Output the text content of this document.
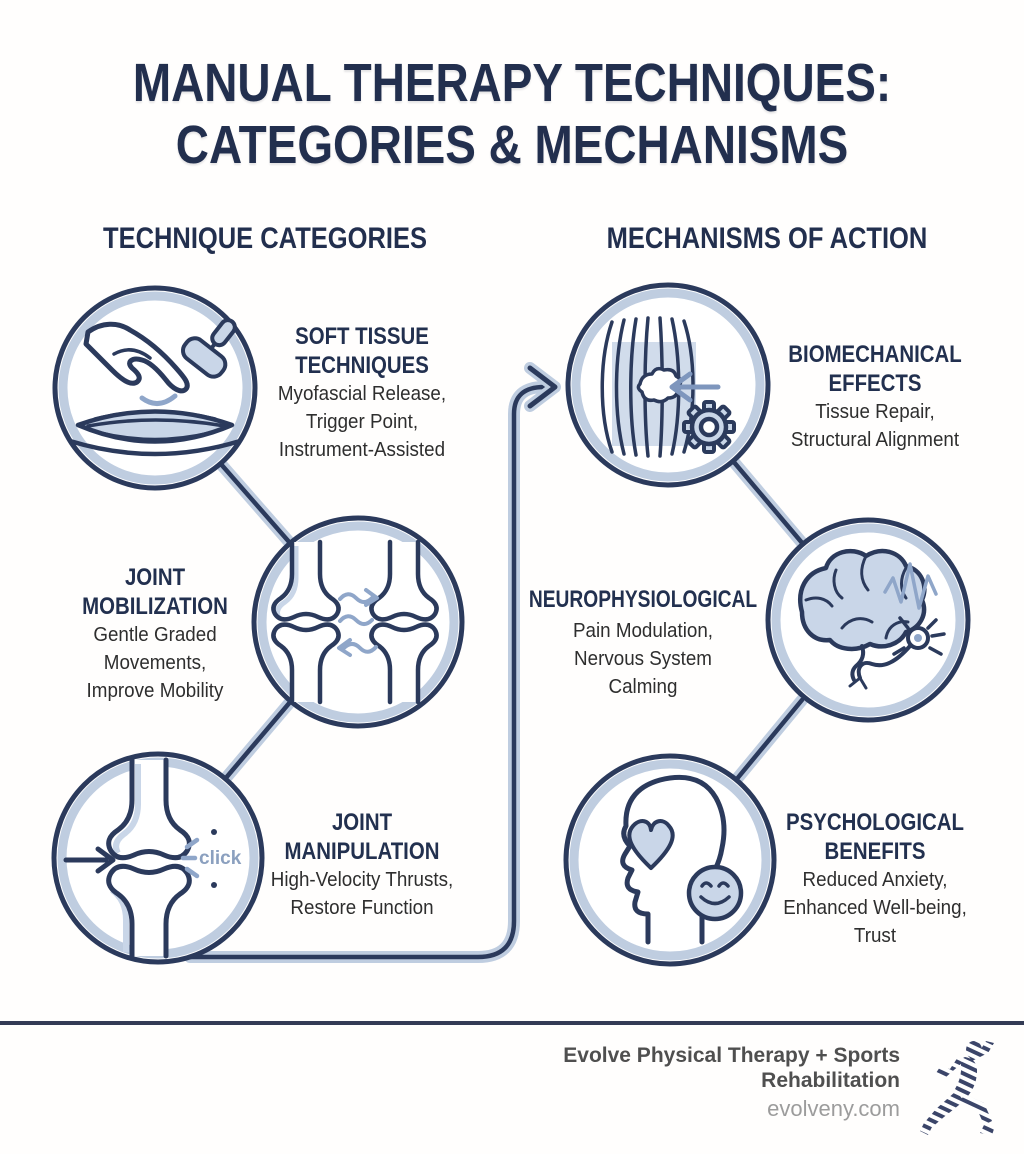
MANUAL THERAPY TECHNIQUES:
CATEGORIES & MECHANISMS
TECHNIQUE CATEGORIES	MECHANISMS OF ACTION
SOFT TISSUE
TECHNIQUES
Myofascial Release,
Trigger Point,
Instrument-Assisted
JOINT
MOBILIZATION
Gentle Graded
Movements,
Improve Mobility
JOINT
MANIPULATION
High-Velocity Thrusts,
Restore Function
click
BIOMECHANICAL
EFFECTS
Tissue Repair,
Structural Alignment
NEUROPHYSIOLOGICAL
Pain Modulation,
Nervous System
Calming
PSYCHOLOGICAL
BENEFITS
Reduced Anxiety,
Enhanced Well-being,
Trust
Evolve Physical Therapy + Sports
Rehabilitation
evolveny.com
